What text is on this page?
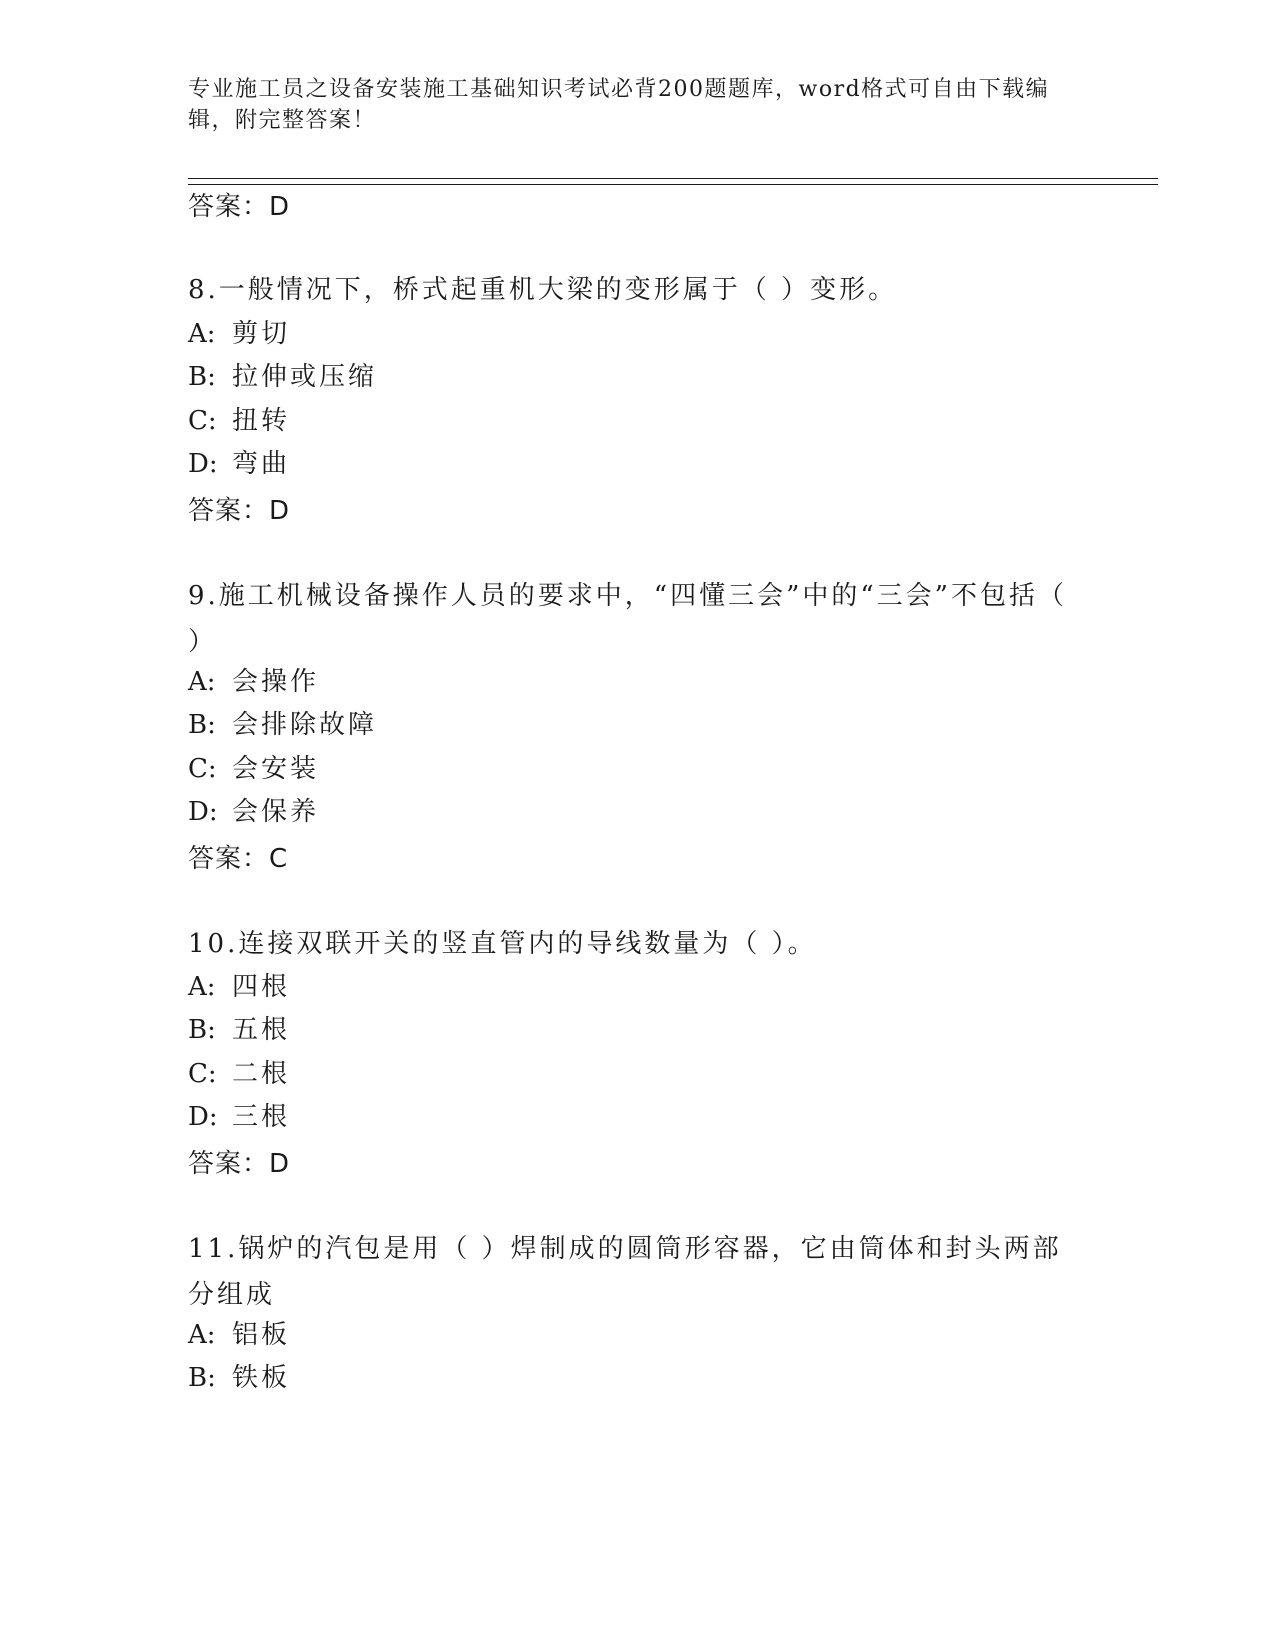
专业施工员之设备安装施工基础知识考试必背200题题库，word格式可自由下载编辑，附完整答案！
答案：D
8.一般情况下，桥式起重机大梁的变形属于（ ）变形。
A: 剪切
B: 拉伸或压缩
C: 扭转
D: 弯曲
答案：D
9.施工机械设备操作人员的要求中，“四懂三会”中的“三会”不包括（ ）
A: 会操作
B: 会排除故障
C: 会安装
D: 会保养
答案：C
10.连接双联开关的竖直管内的导线数量为（ ）。
A: 四根
B: 五根
C: 二根
D: 三根
答案：D
11.锅炉的汽包是用（ ）焊制成的圆筒形容器，它由筒体和封头两部分组成
A: 铝板
B: 铁板
